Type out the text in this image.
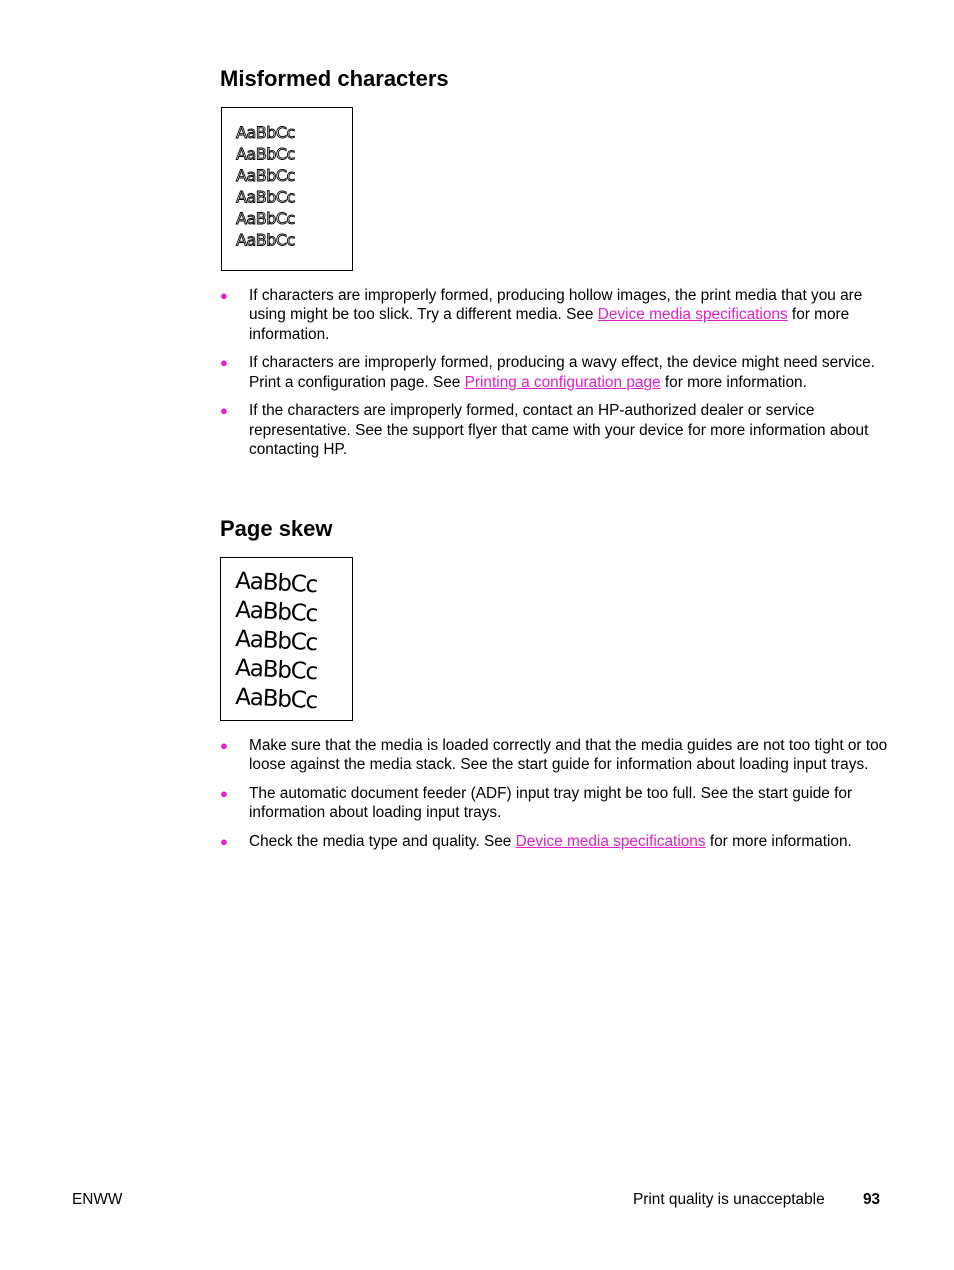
Misformed characters
AaBbCc
AaBbCc
AaBbCc
AaBbCc
AaBbCc
AaBbCc
● If characters are improperly formed, producing hollow images, the print media that you are using might be too slick. Try a different media. See Device media specifications for more information.
● If characters are improperly formed, producing a wavy effect, the device might need service. Print a configuration page. See Printing a configuration page for more information.
● If the characters are improperly formed, contact an HP-authorized dealer or service representative. See the support flyer that came with your device for more information about contacting HP.
Page skew
AaBbCc
AaBbCc
AaBbCc
AaBbCc
AaBbCc
● Make sure that the media is loaded correctly and that the media guides are not too tight or too loose against the media stack. See the start guide for information about loading input trays.
● The automatic document feeder (ADF) input tray might be too full. See the start guide for information about loading input trays.
● Check the media type and quality. See Device media specifications for more information.
ENWW	Print quality is unacceptable 93
